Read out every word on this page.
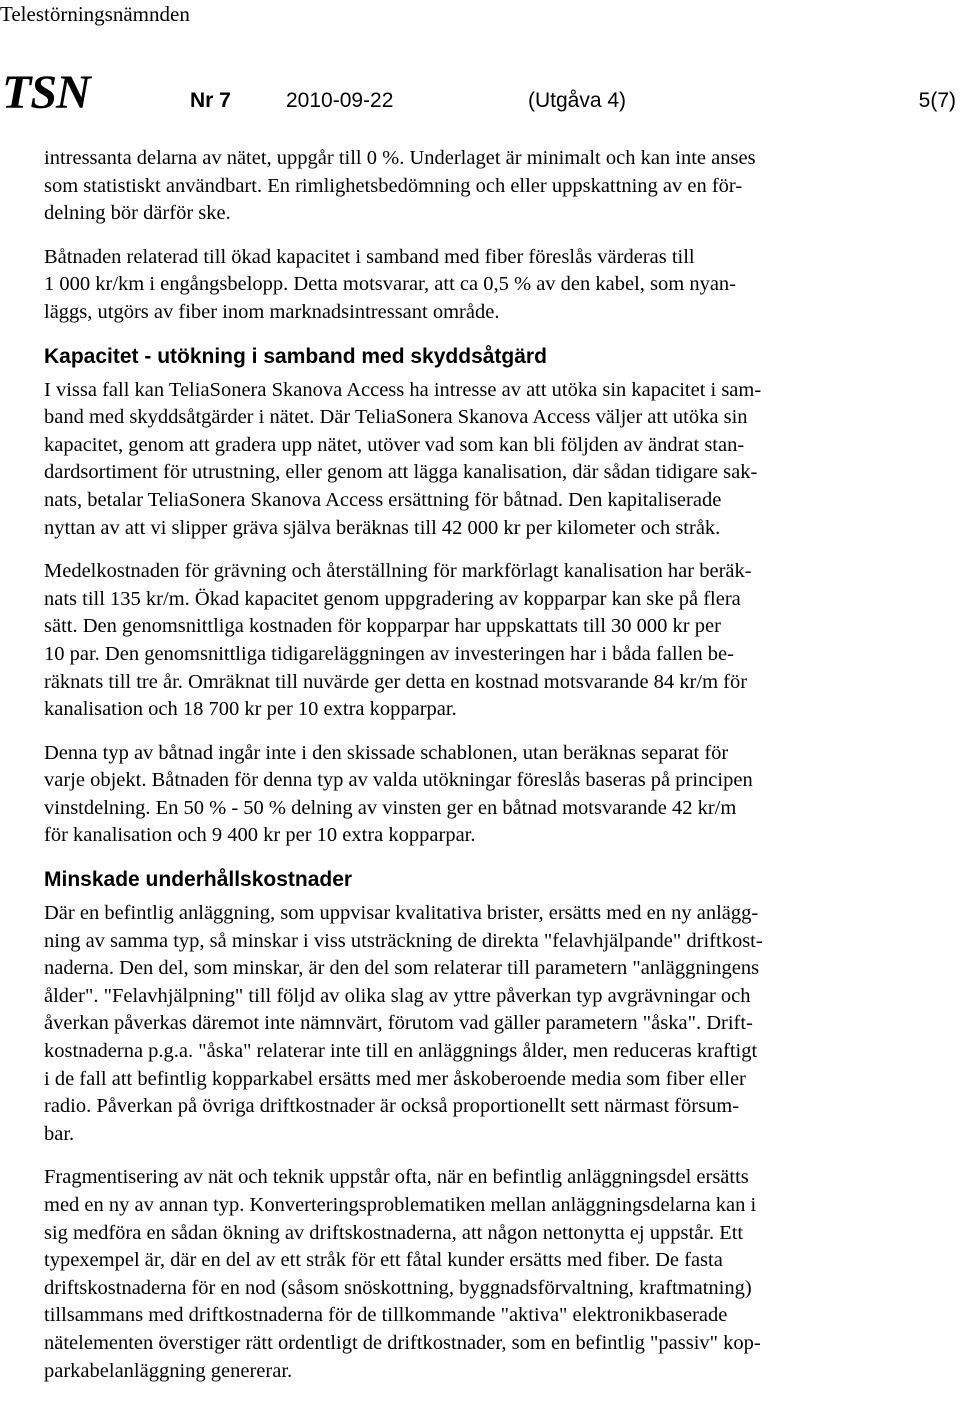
Telestörningsnämnden
TSN	Nr 7	2010-09-22	(Utgåva 4)	5(7)
intressanta delarna av nätet, uppgår till 0 %. Underlaget är minimalt och kan inte anses
som statistiskt användbart. En rimlighetsbedömning och eller uppskattning av en för-
delning bör därför ske.
Båtnaden relaterad till ökad kapacitet i samband med fiber föreslås värderas till
1 000 kr/km i engångsbelopp. Detta motsvarar, att ca 0,5 % av den kabel, som nyan-
läggs, utgörs av fiber inom marknadsintressant område.
Kapacitet - utökning i samband med skyddsåtgärd
I vissa fall kan TeliaSonera Skanova Access ha intresse av att utöka sin kapacitet i sam-
band med skyddsåtgärder i nätet. Där TeliaSonera Skanova Access väljer att utöka sin
kapacitet, genom att gradera upp nätet, utöver vad som kan bli följden av ändrat stan-
dardsortiment för utrustning, eller genom att lägga kanalisation, där sådan tidigare sak-
nats, betalar TeliaSonera Skanova Access ersättning för båtnad. Den kapitaliserade
nyttan av att vi slipper gräva själva beräknas till 42 000 kr per kilometer och stråk.
Medelkostnaden för grävning och återställning för markförlagt kanalisation har beräk-
nats till 135 kr/m. Ökad kapacitet genom uppgradering av kopparpar kan ske på flera
sätt. Den genomsnittliga kostnaden för kopparpar har uppskattats till 30 000 kr per
10 par. Den genomsnittliga tidigareläggningen av investeringen har i båda fallen be-
räknats till tre år. Omräknat till nuvärde ger detta en kostnad motsvarande 84 kr/m för
kanalisation och 18 700 kr per 10 extra kopparpar.
Denna typ av båtnad ingår inte i den skissade schablonen, utan beräknas separat för
varje objekt. Båtnaden för denna typ av valda utökningar föreslås baseras på principen
vinstdelning. En 50 % - 50 % delning av vinsten ger en båtnad motsvarande 42 kr/m
för kanalisation och 9 400 kr per 10 extra kopparpar.
Minskade underhållskostnader
Där en befintlig anläggning, som uppvisar kvalitativa brister, ersätts med en ny anlägg-
ning av samma typ, så minskar i viss utsträckning de direkta "felavhjälpande" driftkost-
naderna. Den del, som minskar, är den del som relaterar till parametern "anläggningens
ålder". "Felavhjälpning" till följd av olika slag av yttre påverkan typ avgrävningar och
åverkan påverkas däremot inte nämnvärt, förutom vad gäller parametern "åska". Drift-
kostnaderna p.g.a. "åska" relaterar inte till en anläggnings ålder, men reduceras kraftigt
i de fall att befintlig kopparkabel ersätts med mer åskoberoende media som fiber eller
radio. Påverkan på övriga driftkostnader är också proportionellt sett närmast försum-
bar.
Fragmentisering av nät och teknik uppstår ofta, när en befintlig anläggningsdel ersätts
med en ny av annan typ. Konverteringsproblematiken mellan anläggningsdelarna kan i
sig medföra en sådan ökning av driftskostnaderna, att någon nettonytta ej uppstår. Ett
typexempel är, där en del av ett stråk för ett fåtal kunder ersätts med fiber. De fasta
driftskostnaderna för en nod (såsom snöskottning, byggnadsförvaltning, kraftmatning)
tillsammans med driftkostnaderna för de tillkommande "aktiva" elektronikbaserade
nätelementen överstiger rätt ordentligt de driftkostnader, som en befintlig "passiv" kop-
parkabelanläggning genererar.
